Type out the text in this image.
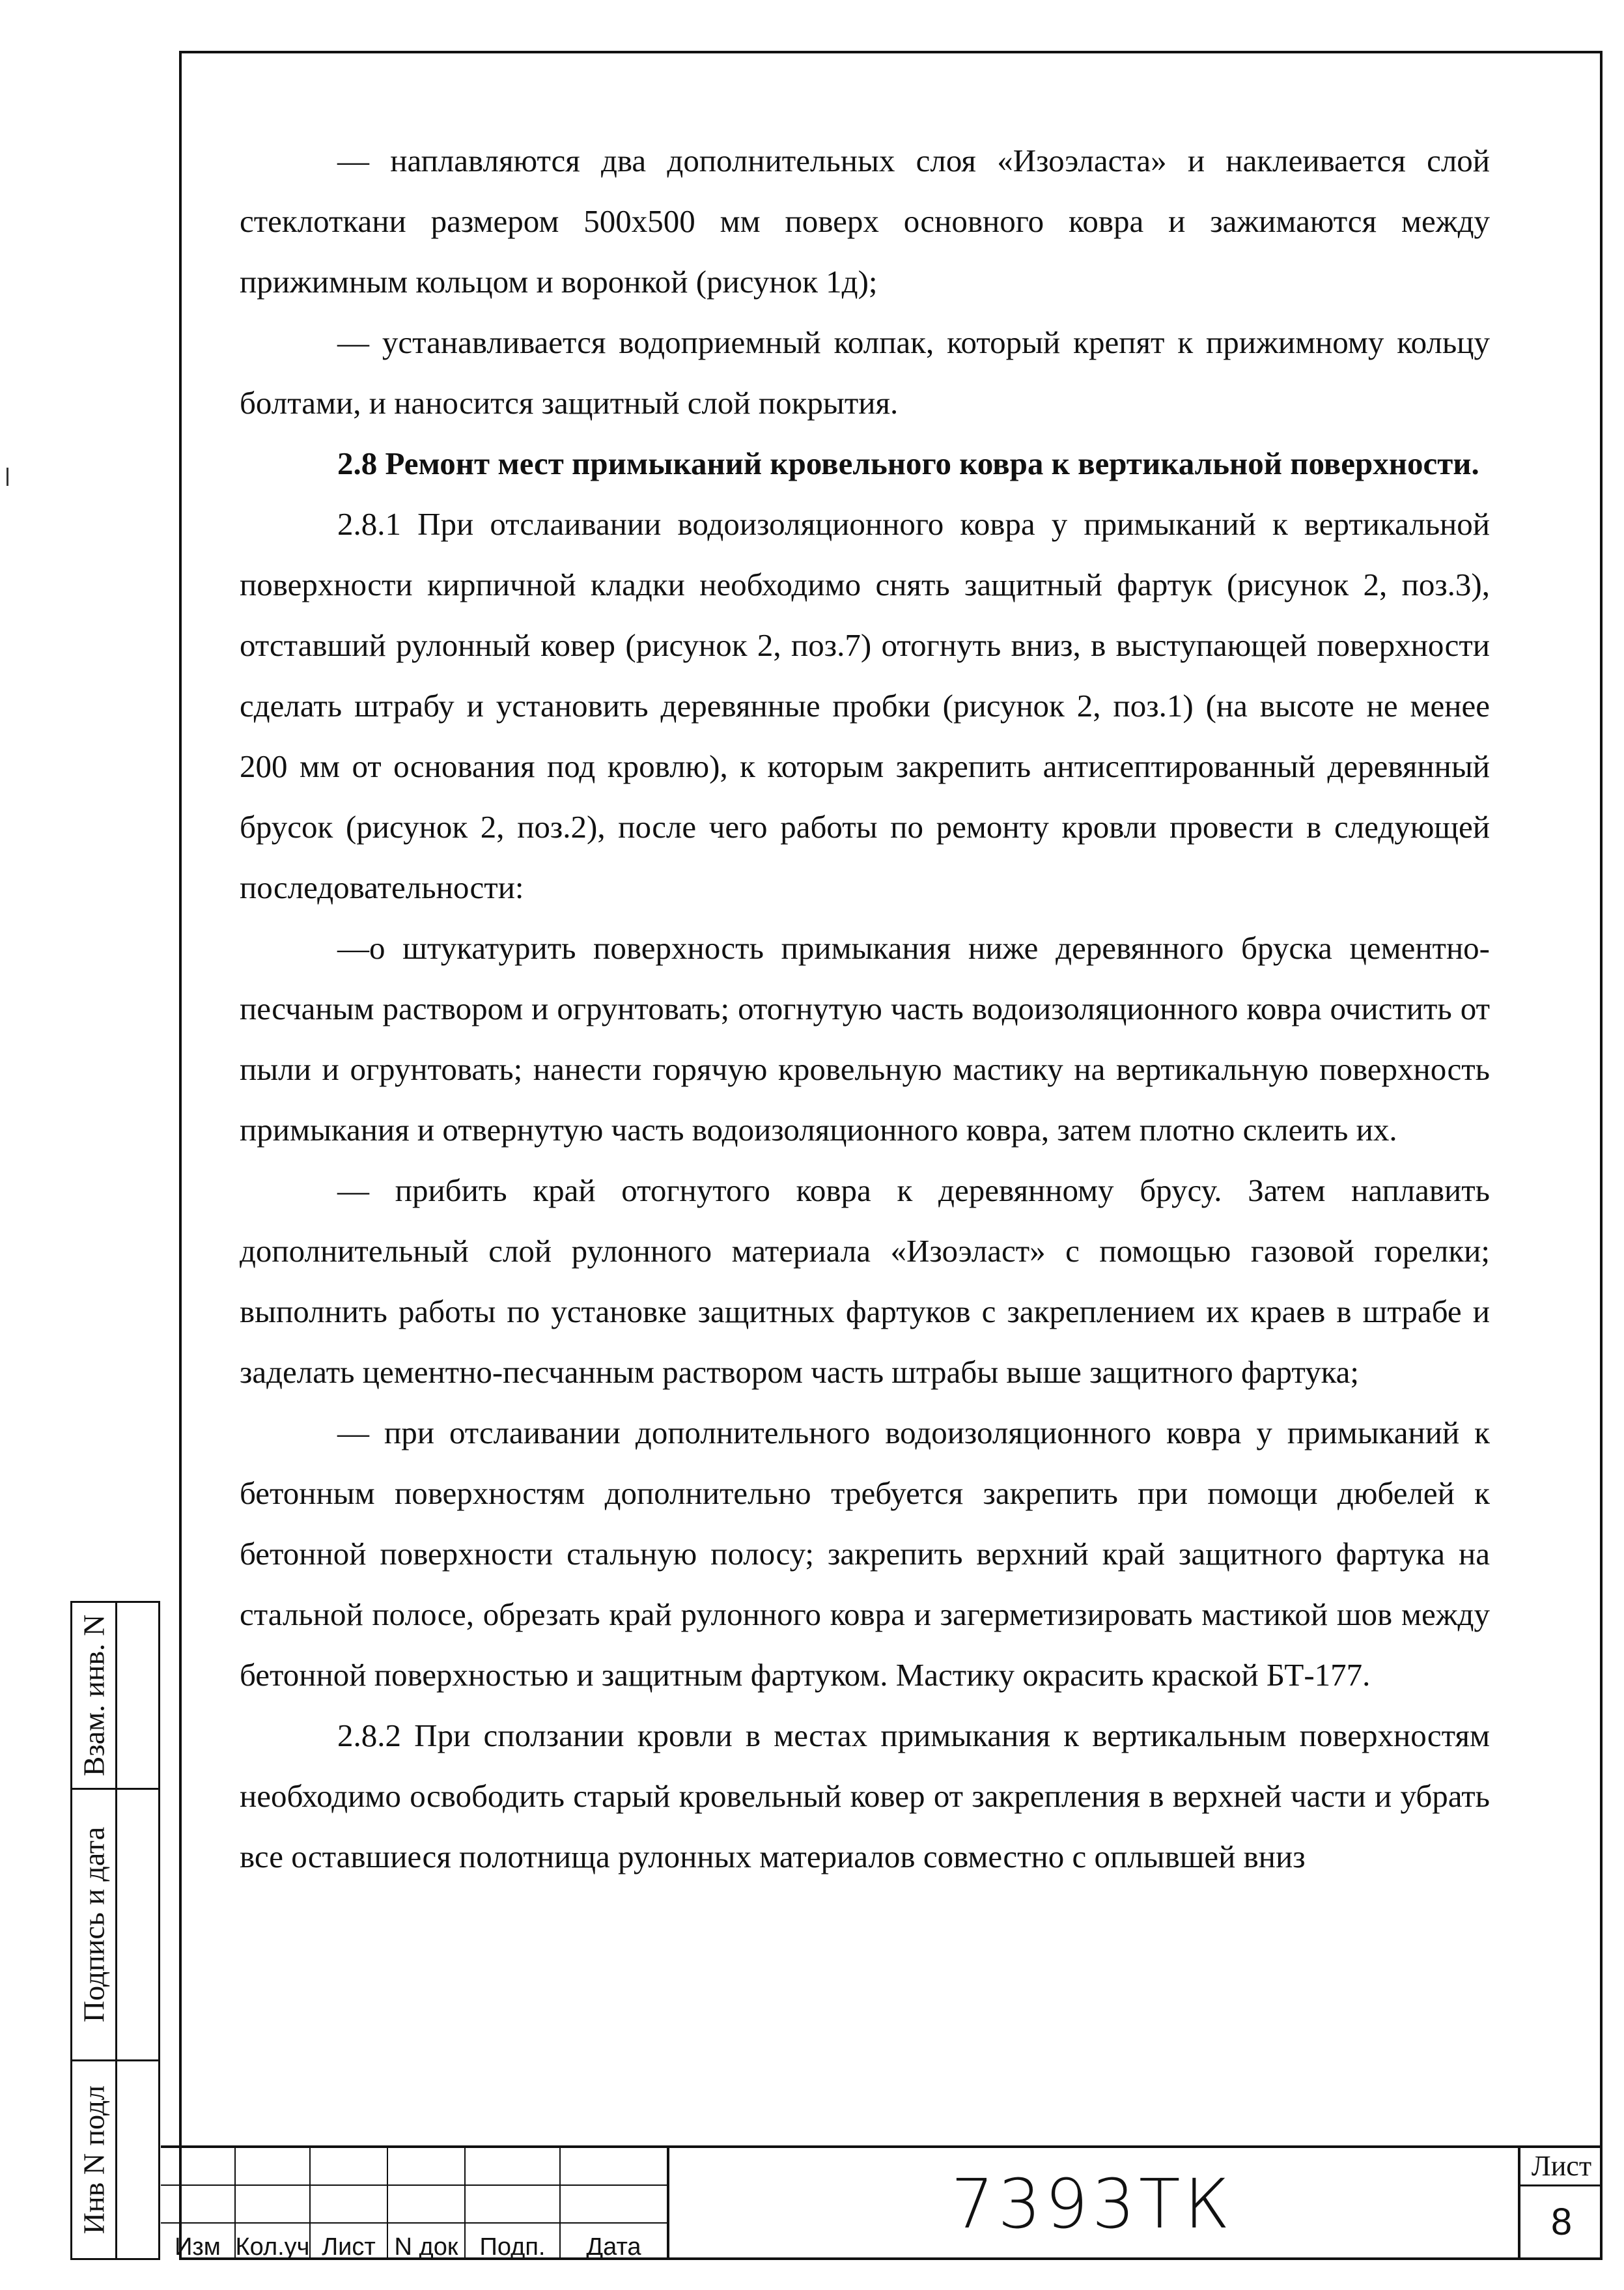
— наплавляются два дополнительных слоя «Изоэласта» и наклеивается слой стеклоткани размером 500х500 мм поверх основного ковра и зажимаются между прижимным кольцом и воронкой (рисунок 1д);

— устанавливается водоприемный колпак, который крепят к прижимному кольцу болтами, и наносится защитный слой покрытия.

2.8 Ремонт мест примыканий кровельного ковра к вертикальной поверхности.

2.8.1 При отслаивании водоизоляционного ковра у примыканий к вертикальной поверхности кирпичной кладки необходимо снять защитный фартук (рисунок 2, поз.3), отставший рулонный ковер (рисунок 2, поз.7) отогнуть вниз, в выступающей поверхности сделать штрабу и установить деревянные пробки (рисунок 2, поз.1) (на высоте не менее 200 мм от основания под кровлю), к которым закрепить антисептированный деревянный брусок (рисунок 2, поз.2), после чего работы по ремонту кровли провести в следующей последовательности:

—о штукатурить поверхность примыкания ниже деревянного бруска цементно-песчаным раствором и огрунтовать; отогнутую часть водоизоляционного ковра очистить от пыли и огрунтовать; нанести горячую кровельную мастику на вертикальную поверхность примыкания и отвернутую часть водоизоляционного ковра, затем плотно склеить их.

— прибить край отогнутого ковра к деревянному брусу. Затем наплавить дополнительный слой рулонного материала «Изоэласт» с помощью газовой горелки; выполнить работы по установке защитных фартуков с закреплением их краев в штрабе и заделать цементно-песчанным раствором часть штрабы выше защитного фартука;

— при отслаивании дополнительного водоизоляционного ковра у примыканий к бетонным поверхностям дополнительно требуется закрепить при помощи дюбелей к бетонной поверхности стальную полосу; закрепить верхний край защитного фартука на стальной полосе, обрезать край рулонного ковра и загерметизировать мастикой шов между бетонной поверхностью и защитным фартуком. Мастику окрасить краской БТ-177.

2.8.2 При сползании кровли в местах примыкания к вертикальным поверхностям необходимо освободить старый кровельный ковер от закрепления в верхней части и убрать все оставшиеся полотнища рулонных материалов совместно с оплывшей вниз

Взам. инв. N
Подпись и дата
Инв N подл
Изм Кол.уч Лист N док Подп.	Дата
7393ТК	Лист
8
